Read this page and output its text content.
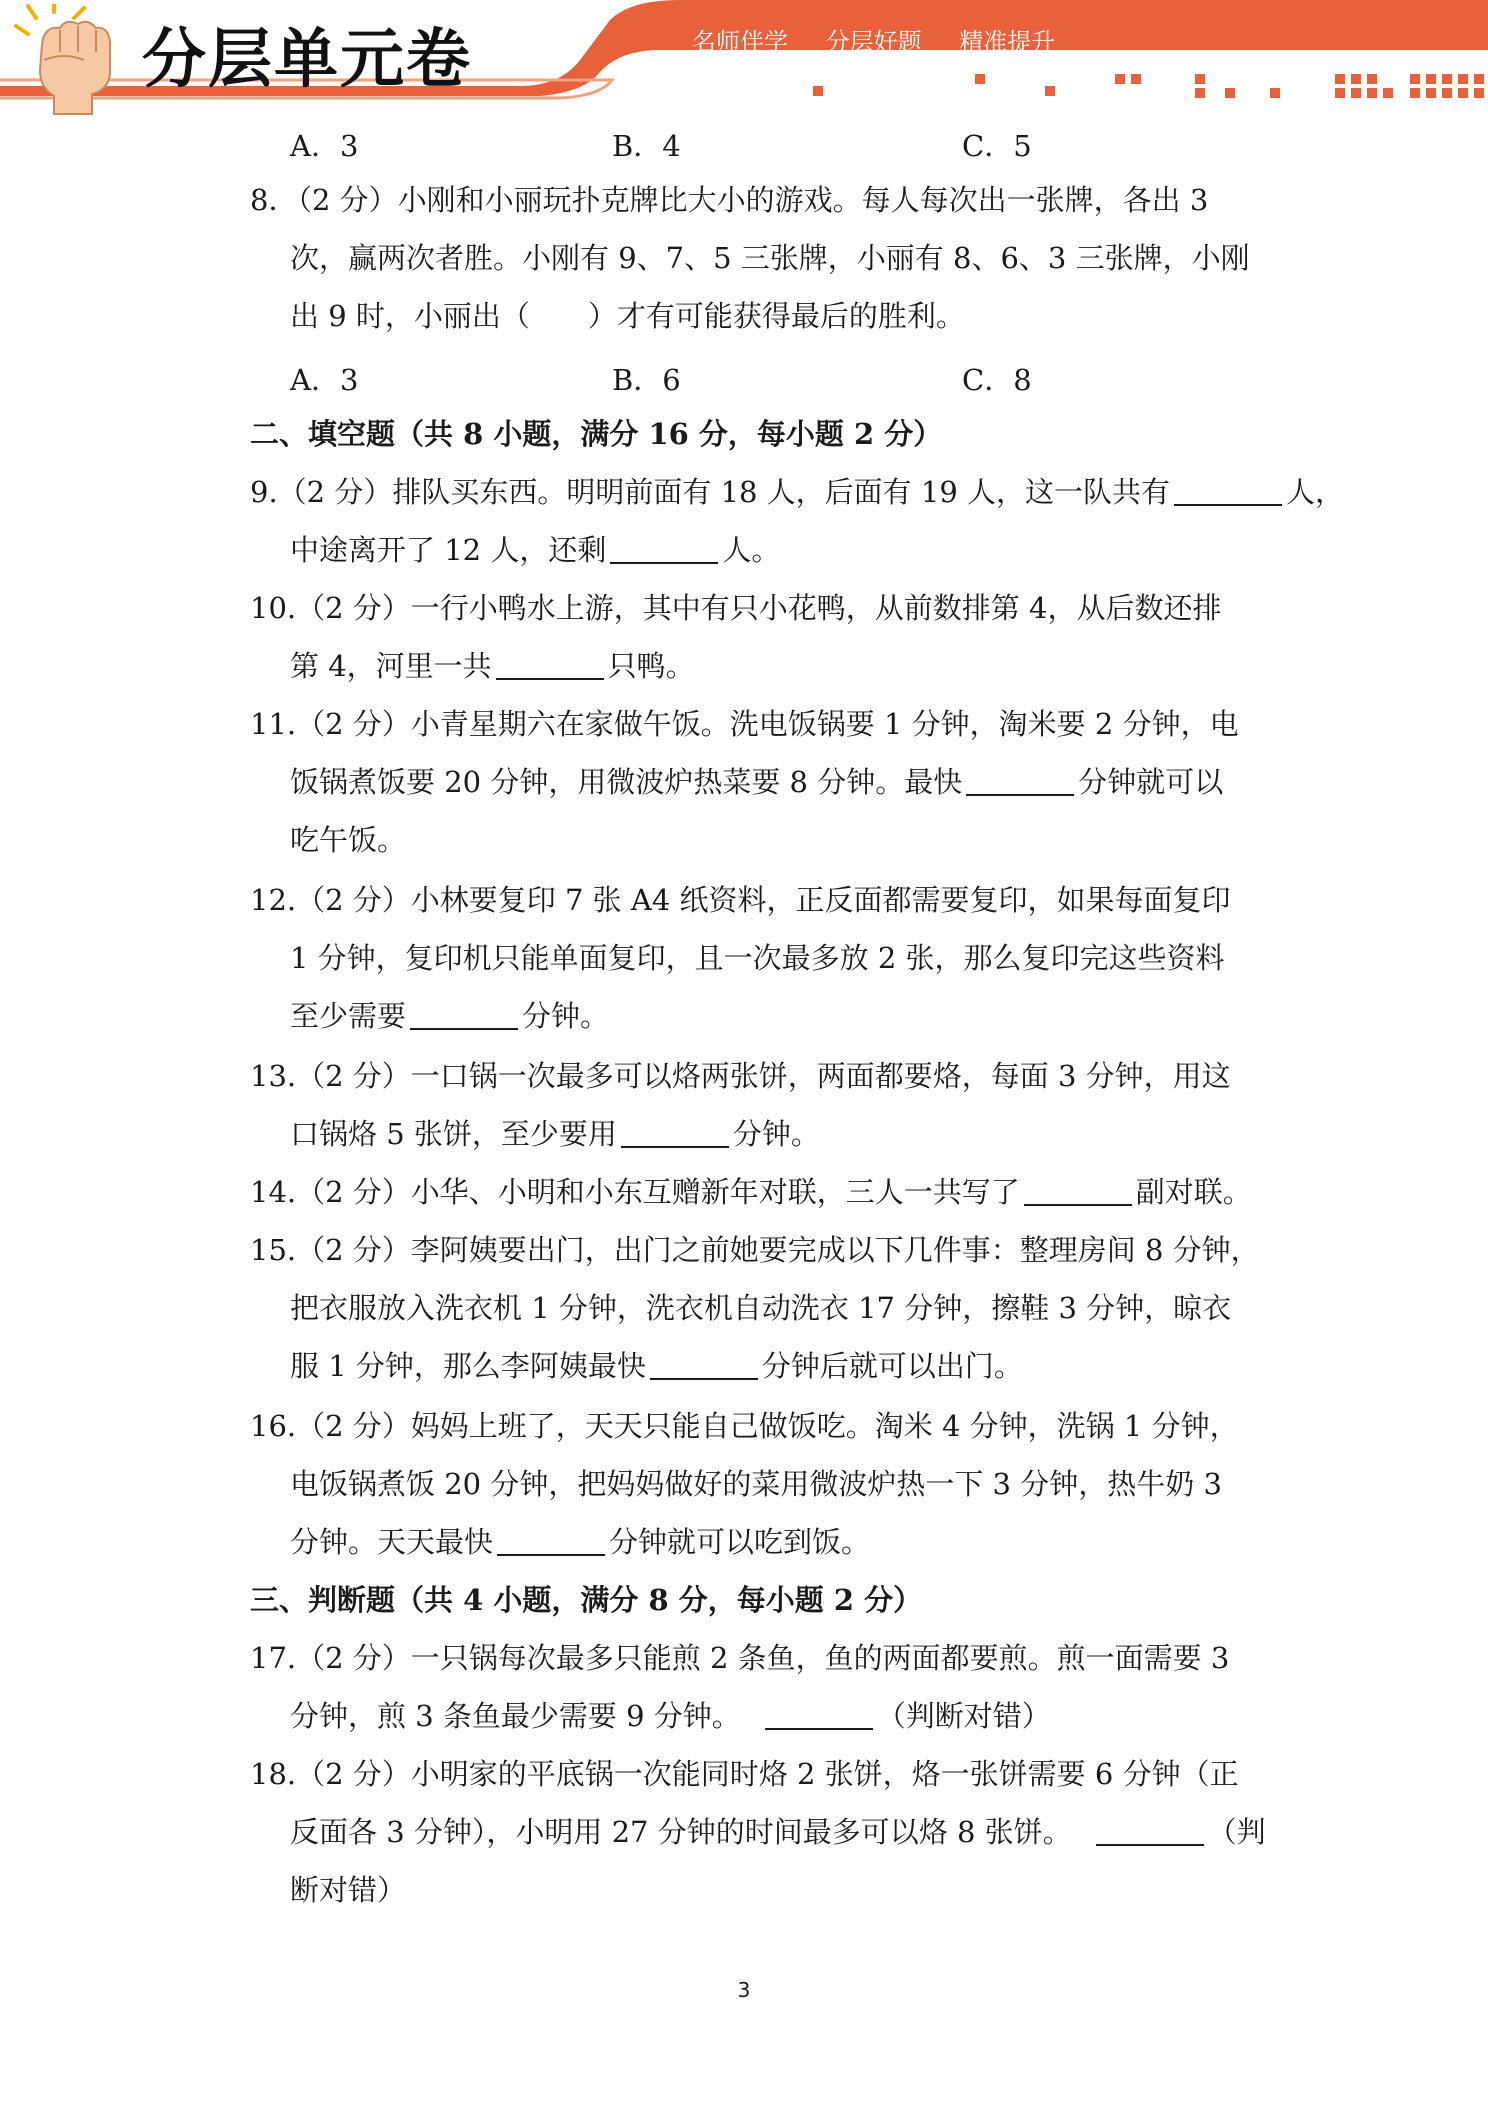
分层单元卷	名师伴学 分层好题 精准提升
A．3	B．4	C．5
8．（2 分）小刚和小丽玩扑克牌比大小的游戏。每人每次出一张牌，各出 3
次，赢两次者胜。小刚有 9、7、5 三张牌，小丽有 8、6、3 三张牌，小刚
出 9 时，小丽出（　　）才有可能获得最后的胜利。
A．3	B．6	C．8
二、填空题（共 8 小题，满分 16 分，每小题 2 分）
9.（2 分）排队买东西。明明前面有 18 人，后面有 19 人，这一队共有	人，
中途离开了 12 人，还剩	人。
10.（2 分）一行小鸭水上游，其中有只小花鸭，从前数排第 4，从后数还排
第 4，河里一共	只鸭。
11.（2 分）小青星期六在家做午饭。洗电饭锅要 1 分钟，淘米要 2 分钟，电
饭锅煮饭要 20 分钟，用微波炉热菜要 8 分钟。最快	分钟就可以
吃午饭。
12.（2 分）小林要复印 7 张 A4 纸资料，正反面都需要复印，如果每面复印
1 分钟，复印机只能单面复印，且一次最多放 2 张，那么复印完这些资料
至少需要	分钟。
13.（2 分）一口锅一次最多可以烙两张饼，两面都要烙，每面 3 分钟，用这
口锅烙 5 张饼，至少要用	分钟。
14.（2 分）小华、小明和小东互赠新年对联，三人一共写了	副对联。
15.（2 分）李阿姨要出门，出门之前她要完成以下几件事：整理房间 8 分钟，
把衣服放入洗衣机 1 分钟，洗衣机自动洗衣 17 分钟，擦鞋 3 分钟，晾衣
服 1 分钟，那么李阿姨最快	分钟后就可以出门。
16.（2 分）妈妈上班了，天天只能自己做饭吃。淘米 4 分钟，洗锅 1 分钟，
电饭锅煮饭 20 分钟，把妈妈做好的菜用微波炉热一下 3 分钟，热牛奶 3
分钟。天天最快	分钟就可以吃到饭。
三、判断题（共 4 小题，满分 8 分，每小题 2 分）
17.（2 分）一只锅每次最多只能煎 2 条鱼，鱼的两面都要煎。煎一面需要 3
分钟，煎 3 条鱼最少需要 9 分钟。	（判断对错）
18.（2 分）小明家的平底锅一次能同时烙 2 张饼，烙一张饼需要 6 分钟（正
反面各 3 分钟），小明用 27 分钟的时间最多可以烙 8 张饼。	（判
断对错）
3
